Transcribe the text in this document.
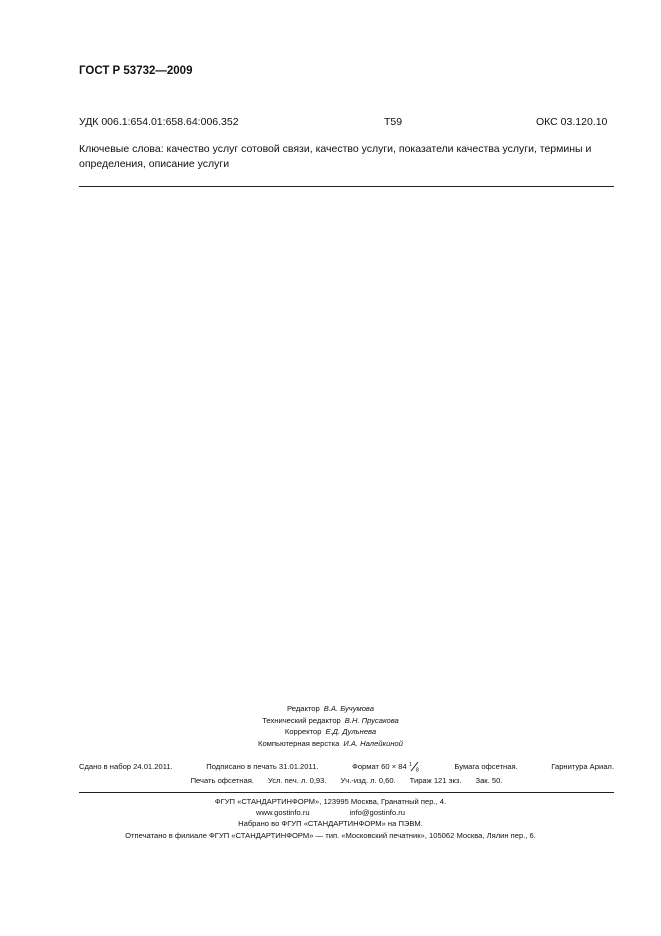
ГОСТ Р 53732—2009
УДК 006.1:654.01:658.64:006.352	Т59	ОКС 03.120.10
Ключевые слова: качество услуг сотовой связи, качество услуги, показатели качества услуги, термины и определения, описание услуги
Редактор В.А. Бучумова
Технический редактор В.Н. Прусакова
Корректор Е.Д. Дульнева
Компьютерная верстка И.А. Налейкиной
Сдано в набор 24.01.2011.	Подписано в печать 31.01.2011.	Формат 60 × 84 1
8	Бумага офсетная.	Гарнитура Ариал.
Печать офсетная. Усл. печ. л. 0,93. Уч.-изд. л. 0,60. Тираж 121 экз. Зак. 50.
ФГУП «СТАНДАРТИНФОРМ», 123995 Москва, Гранатный пер., 4.
www.gostinfo.ru	info@gostinfo.ru
Набрано во ФГУП «СТАНДАРТИНФОРМ» на ПЭВМ.
Отпечатано в филиале ФГУП «СТАНДАРТИНФОРМ» — тип. «Московский печатник», 105062 Москва, Лялин пер., 6.
